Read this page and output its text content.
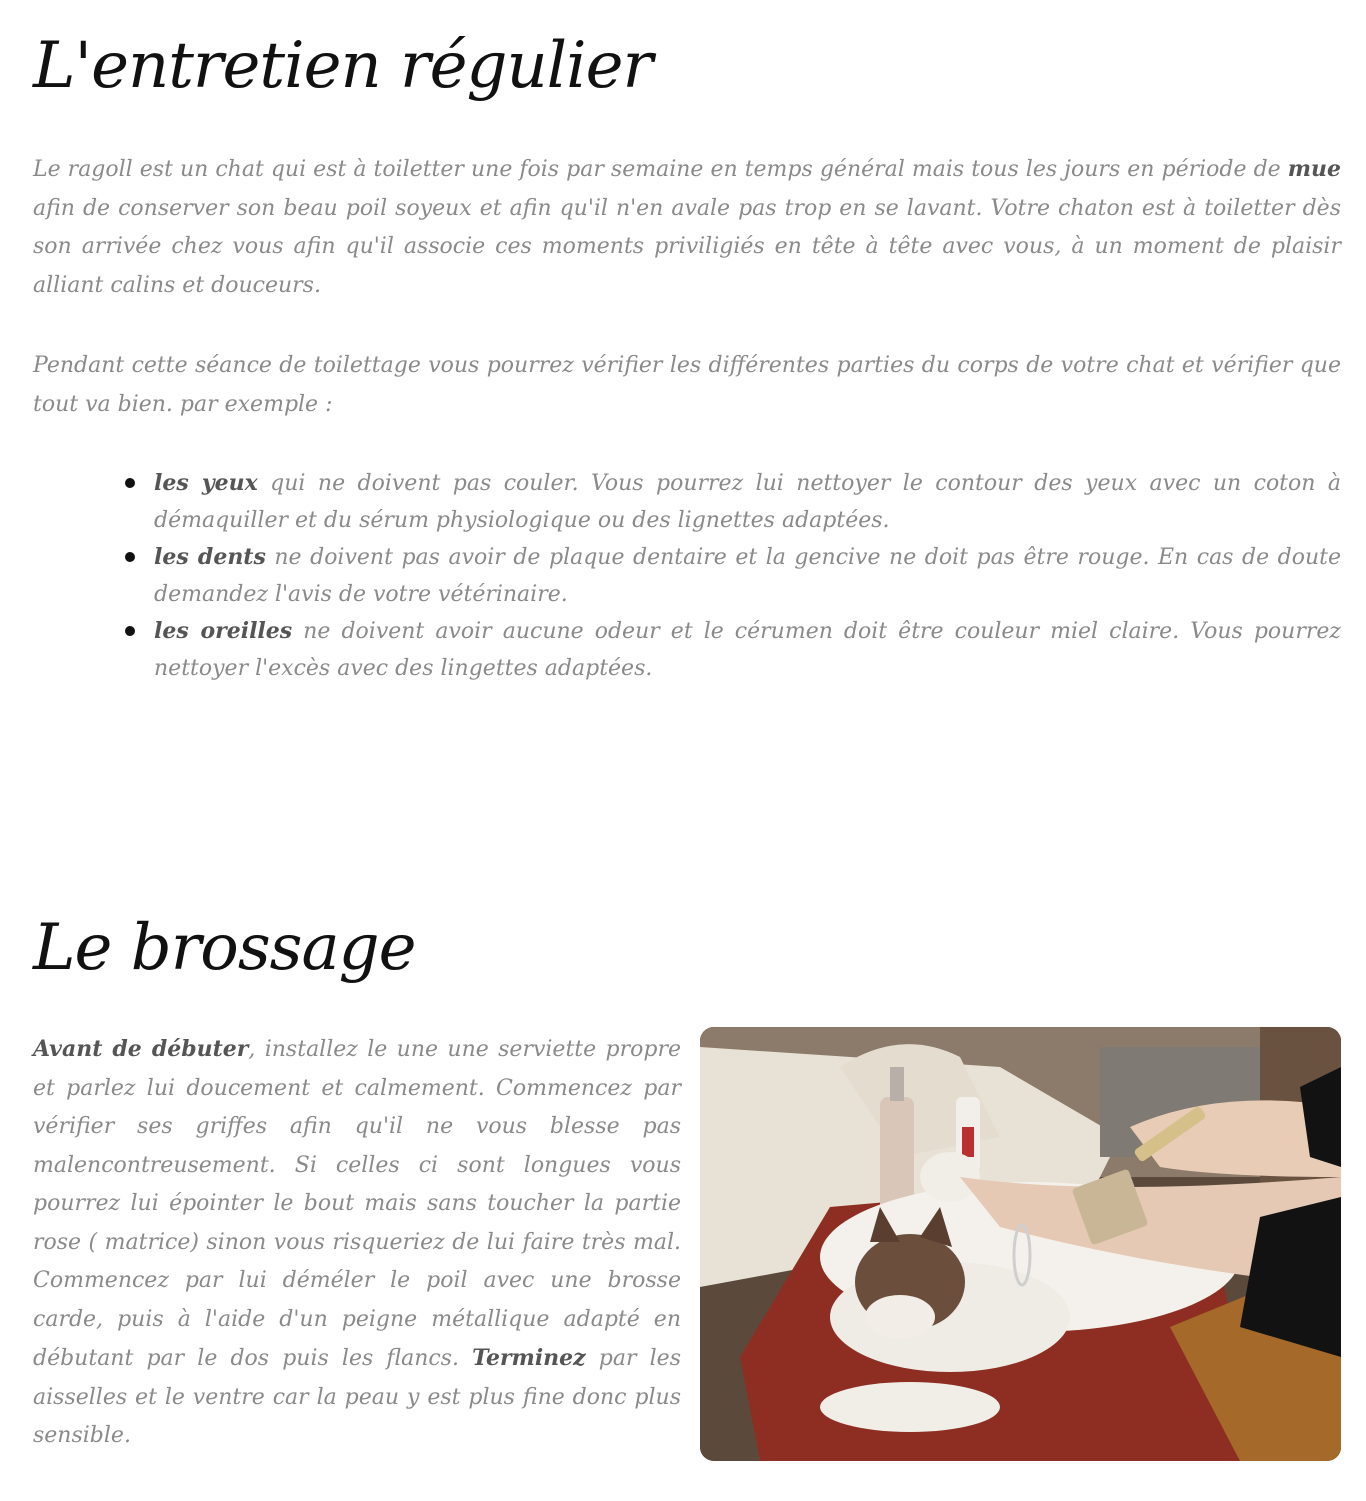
L'entretien régulier

Le ragoll est un chat qui est à toiletter une fois par semaine en temps général mais tous les jours en période de mue afin de conserver son beau poil soyeux et afin qu'il n'en avale pas trop en se lavant. Votre chaton est à toiletter dès son arrivée chez vous afin qu'il associe ces moments priviligiés en tête à tête avec vous, à un moment de plaisir alliant calins et douceurs.

Pendant cette séance de toilettage vous pourrez vérifier les différentes parties du corps de votre chat et vérifier que tout va bien. par exemple :

les yeux qui ne doivent pas couler. Vous pourrez lui nettoyer le contour des yeux avec un coton à démaquiller et du sérum physiologique ou des lignettes adaptées.
les dents ne doivent pas avoir de plaque dentaire et la gencive ne doit pas être rouge. En cas de doute demandez l'avis de votre vétérinaire.
les oreilles ne doivent avoir aucune odeur et le cérumen doit être couleur miel claire. Vous pourrez nettoyer l'excès avec des lingettes adaptées.
Le brossage

Avant de débuter, installez le une une serviette propre et parlez lui doucement et calmement. Commencez par vérifier ses griffes afin qu'il ne vous blesse pas malencontreusement. Si celles ci sont longues vous pourrez lui épointer le bout mais sans toucher la partie rose ( matrice) sinon vous risqueriez de lui faire très mal. Commencez par lui déméler le poil avec une brosse carde, puis à l'aide d'un peigne métallique adapté en débutant par le dos puis les flancs. Terminez par les aisselles et le ventre car la peau y est plus fine donc plus sensible.
